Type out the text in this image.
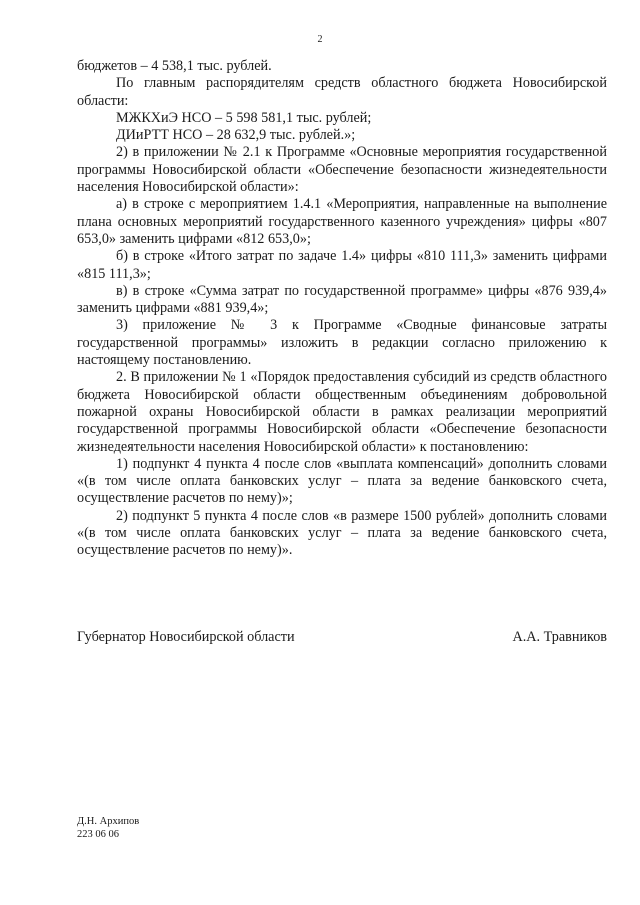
2

бюджетов – 4 538,1 тыс. рублей.

По главным распорядителям средств областного бюджета Новосибирской области:

МЖКХиЭ НСО – 5 598 581,1 тыс. рублей;

ДИиРТТ НСО – 28 632,9 тыс. рублей.»;

2) в приложении № 2.1 к Программе «Основные мероприятия государственной программы Новосибирской области «Обеспечение безопасности жизнедеятельности населения Новосибирской области»:

а) в строке с мероприятием 1.4.1 «Мероприятия, направленные на выполнение плана основных мероприятий государственного казенного учреждения» цифры «807 653,0» заменить цифрами «812 653,0»;

б) в строке «Итого затрат по задаче 1.4» цифры «810 111,3» заменить цифрами «815 111,3»;

в) в строке «Сумма затрат по государственной программе» цифры «876 939,4» заменить цифрами «881 939,4»;

3) приложение № 3 к Программе «Сводные финансовые затраты государственной программы» изложить в редакции согласно приложению к настоящему постановлению.

2. В приложении № 1 «Порядок предоставления субсидий из средств областного бюджета Новосибирской области общественным объединениям добровольной пожарной охраны Новосибирской области в рамках реализации мероприятий государственной программы Новосибирской области «Обеспечение безопасности жизнедеятельности населения Новосибирской области» к постановлению:

1) подпункт 4 пункта 4 после слов «выплата компенсаций» дополнить словами «(в том числе оплата банковских услуг – плата за ведение банковского счета, осуществление расчетов по нему)»;

2) подпункт 5 пункта 4 после слов «в размере 1500 рублей» дополнить словами «(в том числе оплата банковских услуг – плата за ведение банковского счета, осуществление расчетов по нему)».

Губернатор Новосибирской области	А.А. Травников
Д.Н. Архипов
223 06 06
